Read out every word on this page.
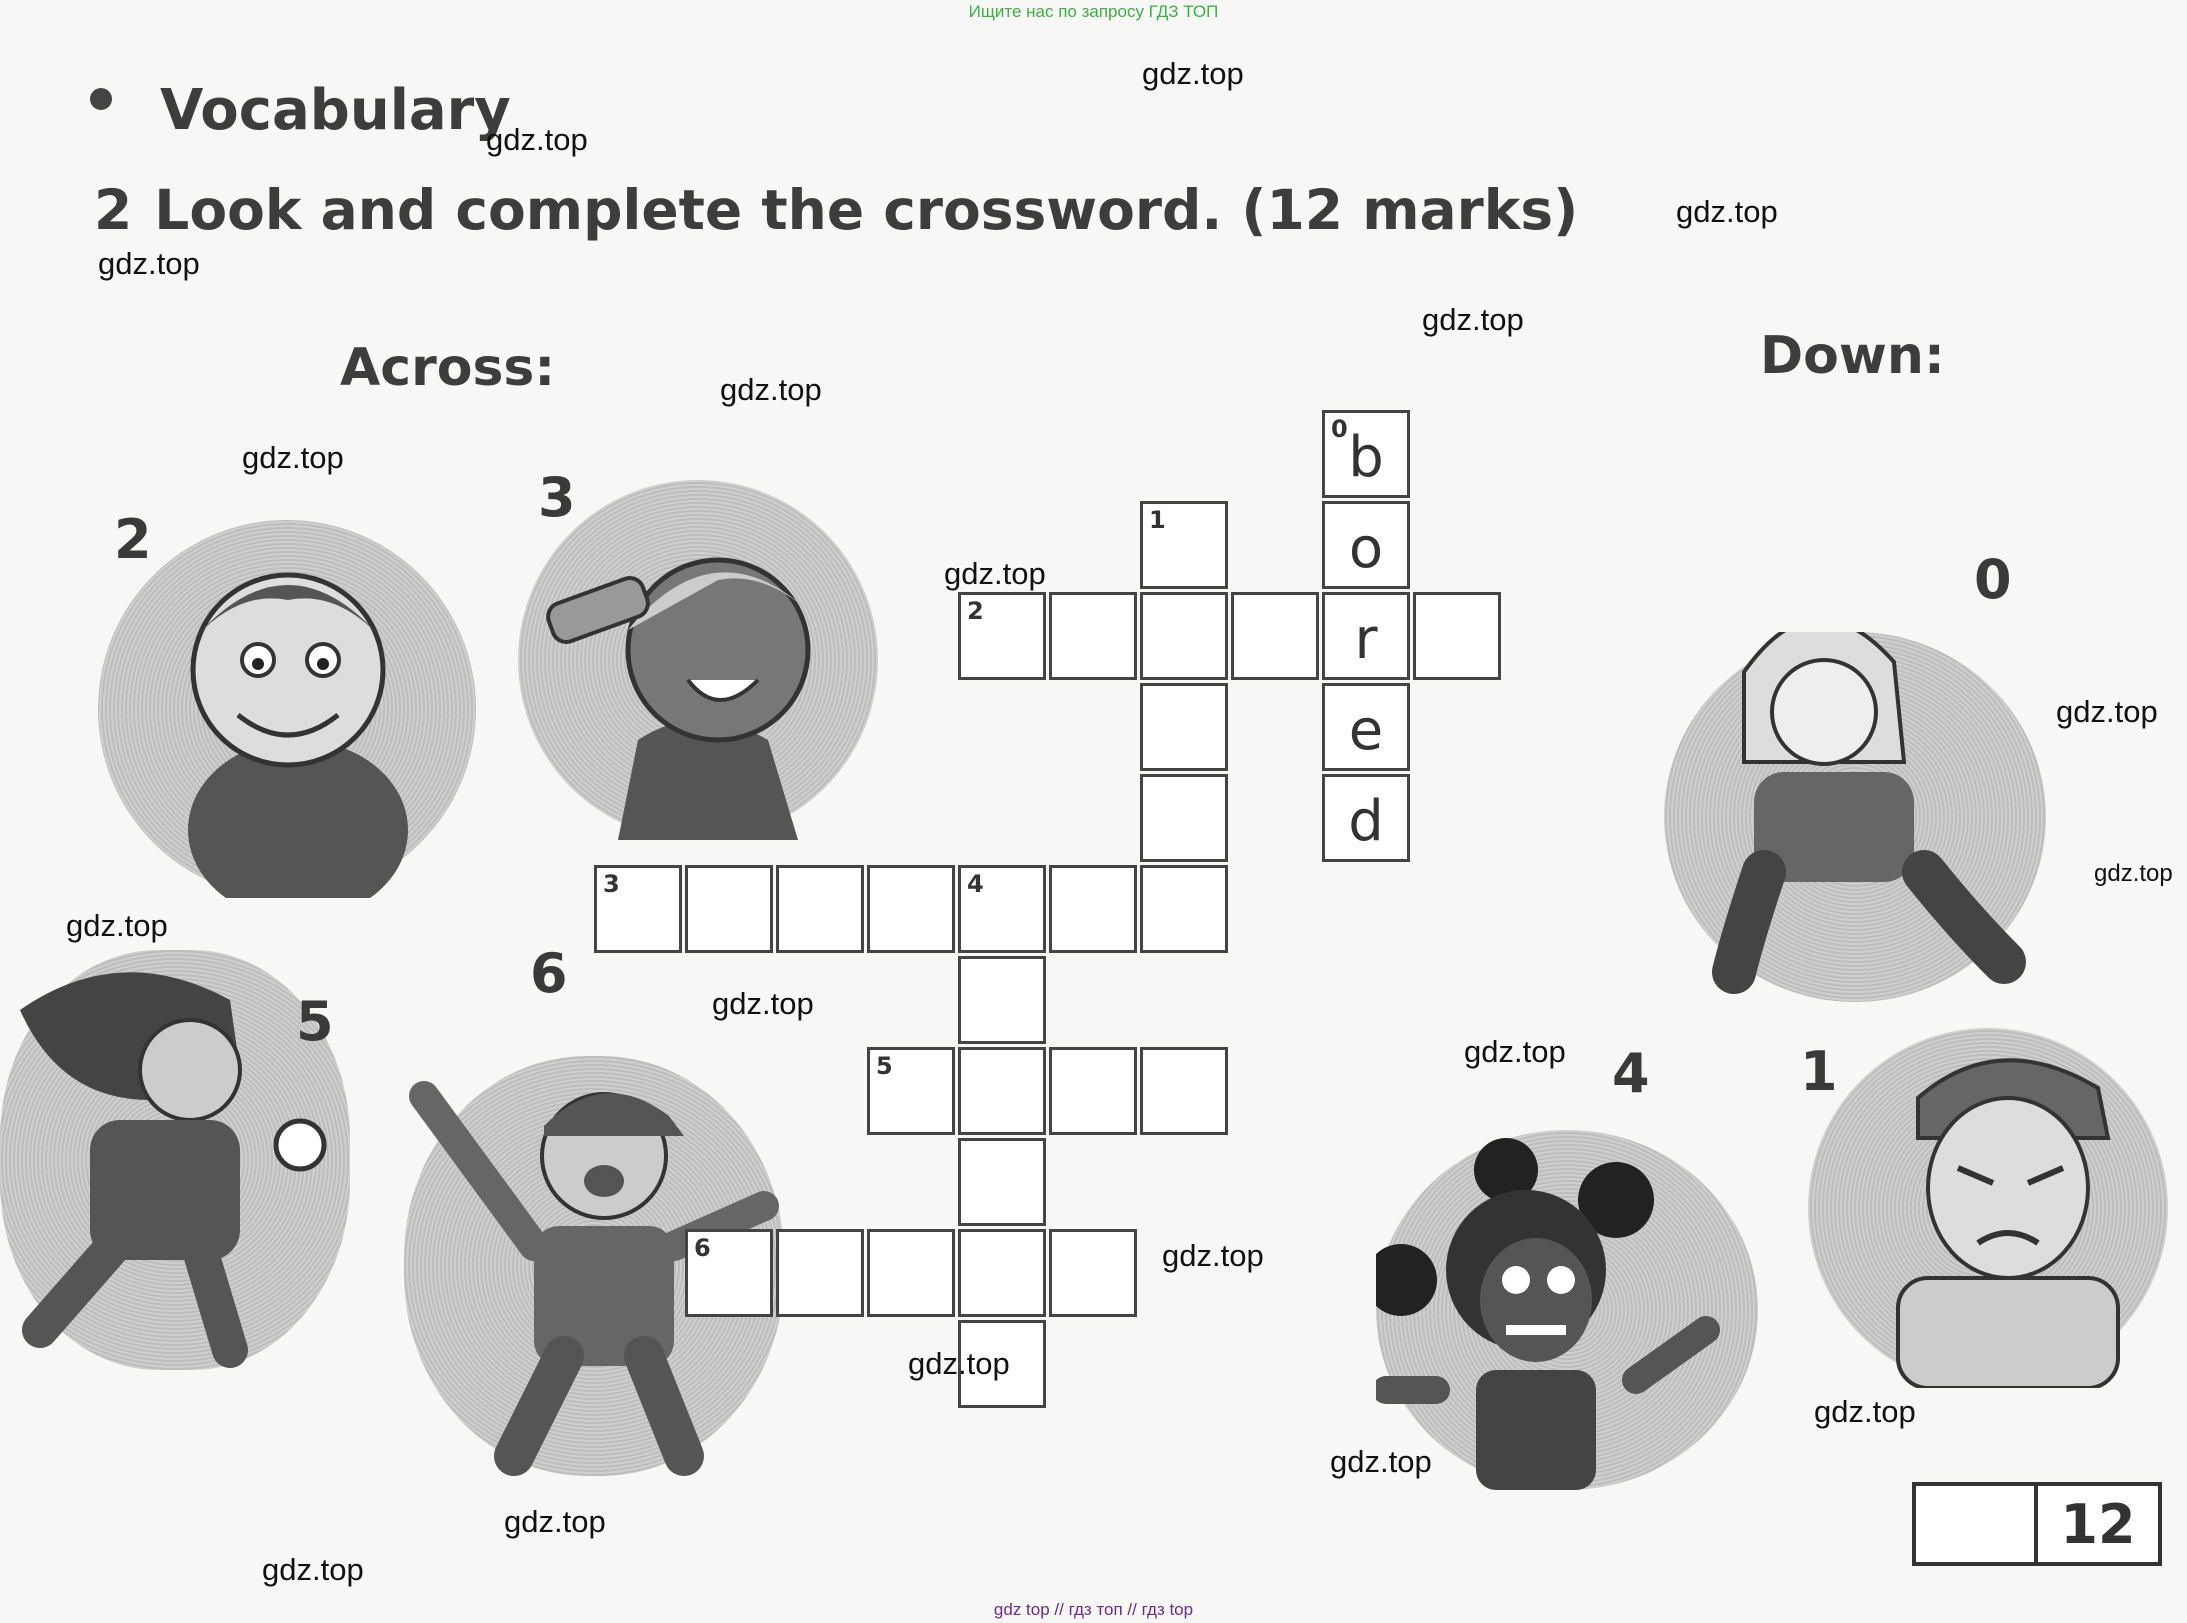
Ищите нас по запросу ГДЗ ТОП
Vocabulary
2 Look and complete the crossword. (12 marks)
Across:	Down:
2
3
5
6
0
4	1
0 b
o
r
e
d
1
2
3	4
5
6
12
gdz.top
gdz.top
gdz.top
gdz.top
gdz.top
gdz.top
gdz.top
gdz.top
gdz.top
gdz.top
gdz.top
gdz.top
gdz.top
gdz.top
gdz.top
gdz.top
gdz.top
gdz.top
gdz.top
gdz top // гдз топ // гдз top
